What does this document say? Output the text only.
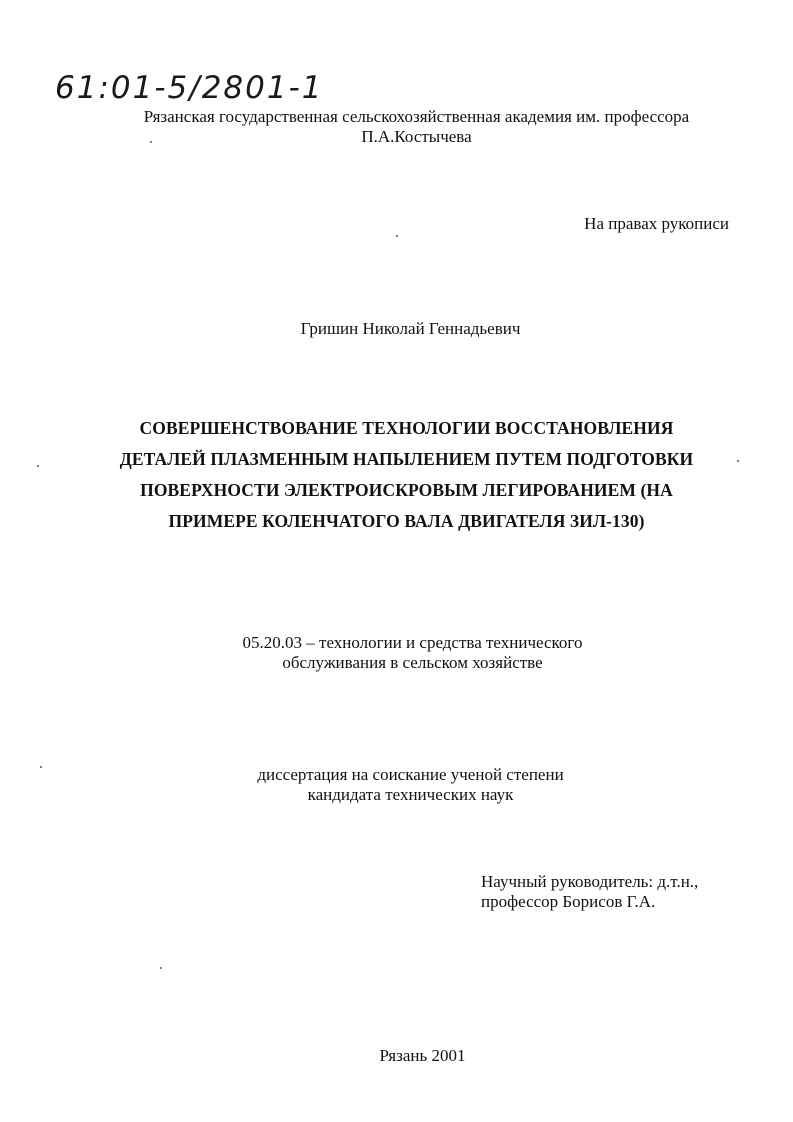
61:01-5/2801-1
Рязанская государственная сельскохозяйственная академия им. профессора
П.А.Костычева
На правах рукописи
Гришин Николай Геннадьевич
СОВЕРШЕНСТВОВАНИЕ ТЕХНОЛОГИИ ВОССТАНОВЛЕНИЯ
ДЕТАЛЕЙ ПЛАЗМЕННЫМ НАПЫЛЕНИЕМ ПУТЕМ ПОДГОТОВКИ
ПОВЕРХНОСТИ ЭЛЕКТРОИСКРОВЫМ ЛЕГИРОВАНИЕМ (НА
ПРИМЕРЕ КОЛЕНЧАТОГО ВАЛА ДВИГАТЕЛЯ ЗИЛ-130)
05.20.03 – технологии и средства технического
обслуживания в сельском хозяйстве
диссертация на соискание ученой степени
кандидата технических наук
Научный руководитель: д.т.н.,
профессор Борисов Г.А.
Рязань 2001
